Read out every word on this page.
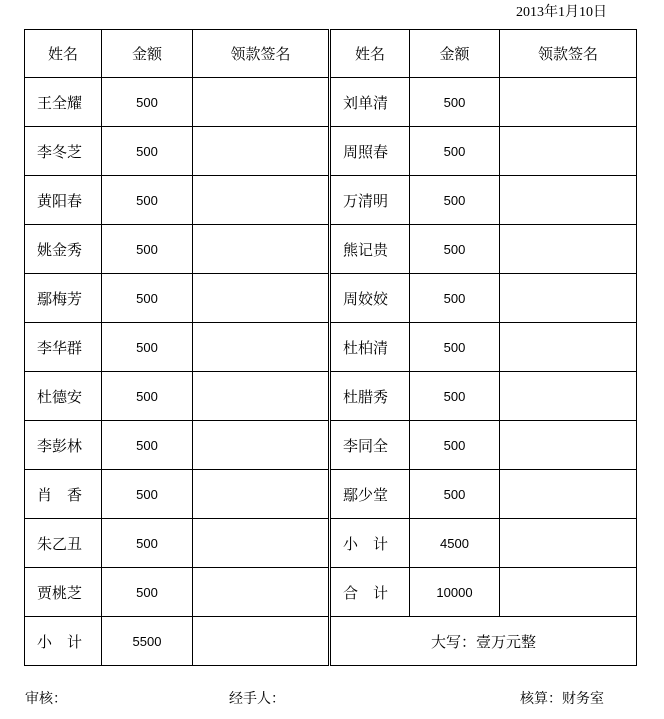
2013年1月10日
姓名	金额	领款签名	姓名	金额	领款签名
王全耀	500		刘单清	500	
李冬芝	500		周照春	500	
黄阳春	500		万清明	500	
姚金秀	500		熊记贵	500	
鄢梅芳	500		周姣姣	500	
李华群	500		杜柏清	500	
杜德安	500		杜腊秀	500	
李彭林	500		李同全	500	
肖　香	500		鄢少堂	500	
朱乙丑	500		小　计	4500	
贾桃芝	500		合　计	10000	
小　计	5500		大写：壹万元整		
审核：	经手人：	核算：财务室
